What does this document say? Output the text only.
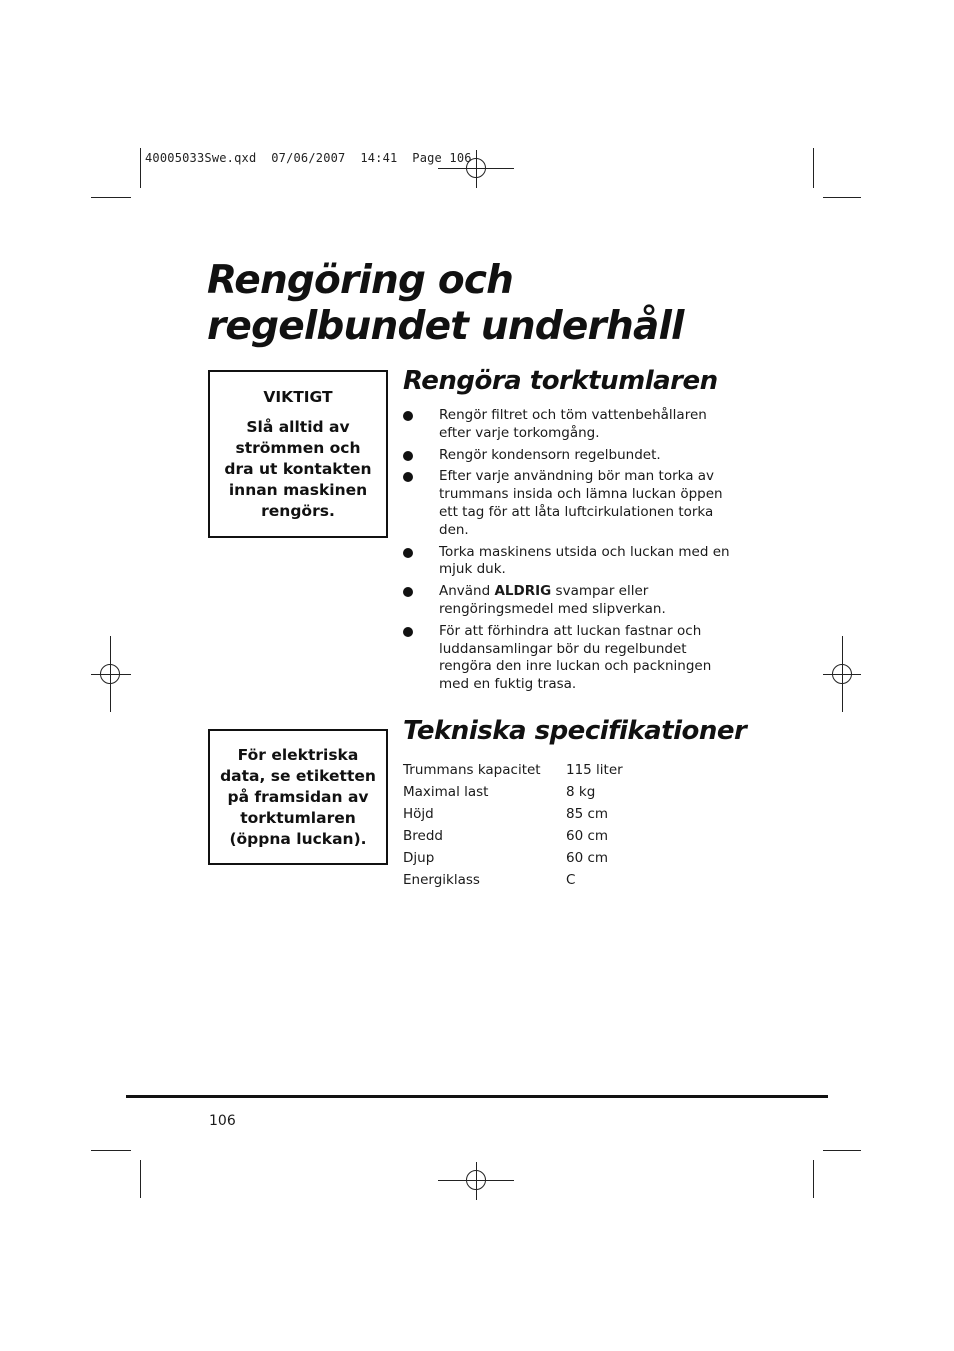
40005033Swe.qxd  07/06/2007  14:41  Page 106
Rengöring och
regelbundet underhåll
VIKTIGT
Slå alltid av
strömmen och
dra ut kontakten
innan maskinen
rengörs.
Rengöra torktumlaren
Rengör filtret och töm vattenbehållaren efter varje torkomgång.
Rengör kondensorn regelbundet.
Efter varje användning bör man torka av trummans insida och lämna luckan öppen ett tag för att låta luftcirkulationen torka den.
Torka maskinens utsida och luckan med en mjuk duk.
Använd ALDRIG svampar eller rengöringsmedel med slipverkan.
För att förhindra att luckan fastnar och luddansamlingar bör du regelbundet rengöra den inre luckan och packningen med en fuktig trasa.
För elektriska
data, se etiketten
på framsidan av
torktumlaren
(öppna luckan).
Tekniska specifikationer
Trummans kapacitet	115 liter
Maximal last	8 kg
Höjd	85 cm
Bredd	60 cm
Djup	60 cm
Energiklass	C
106
